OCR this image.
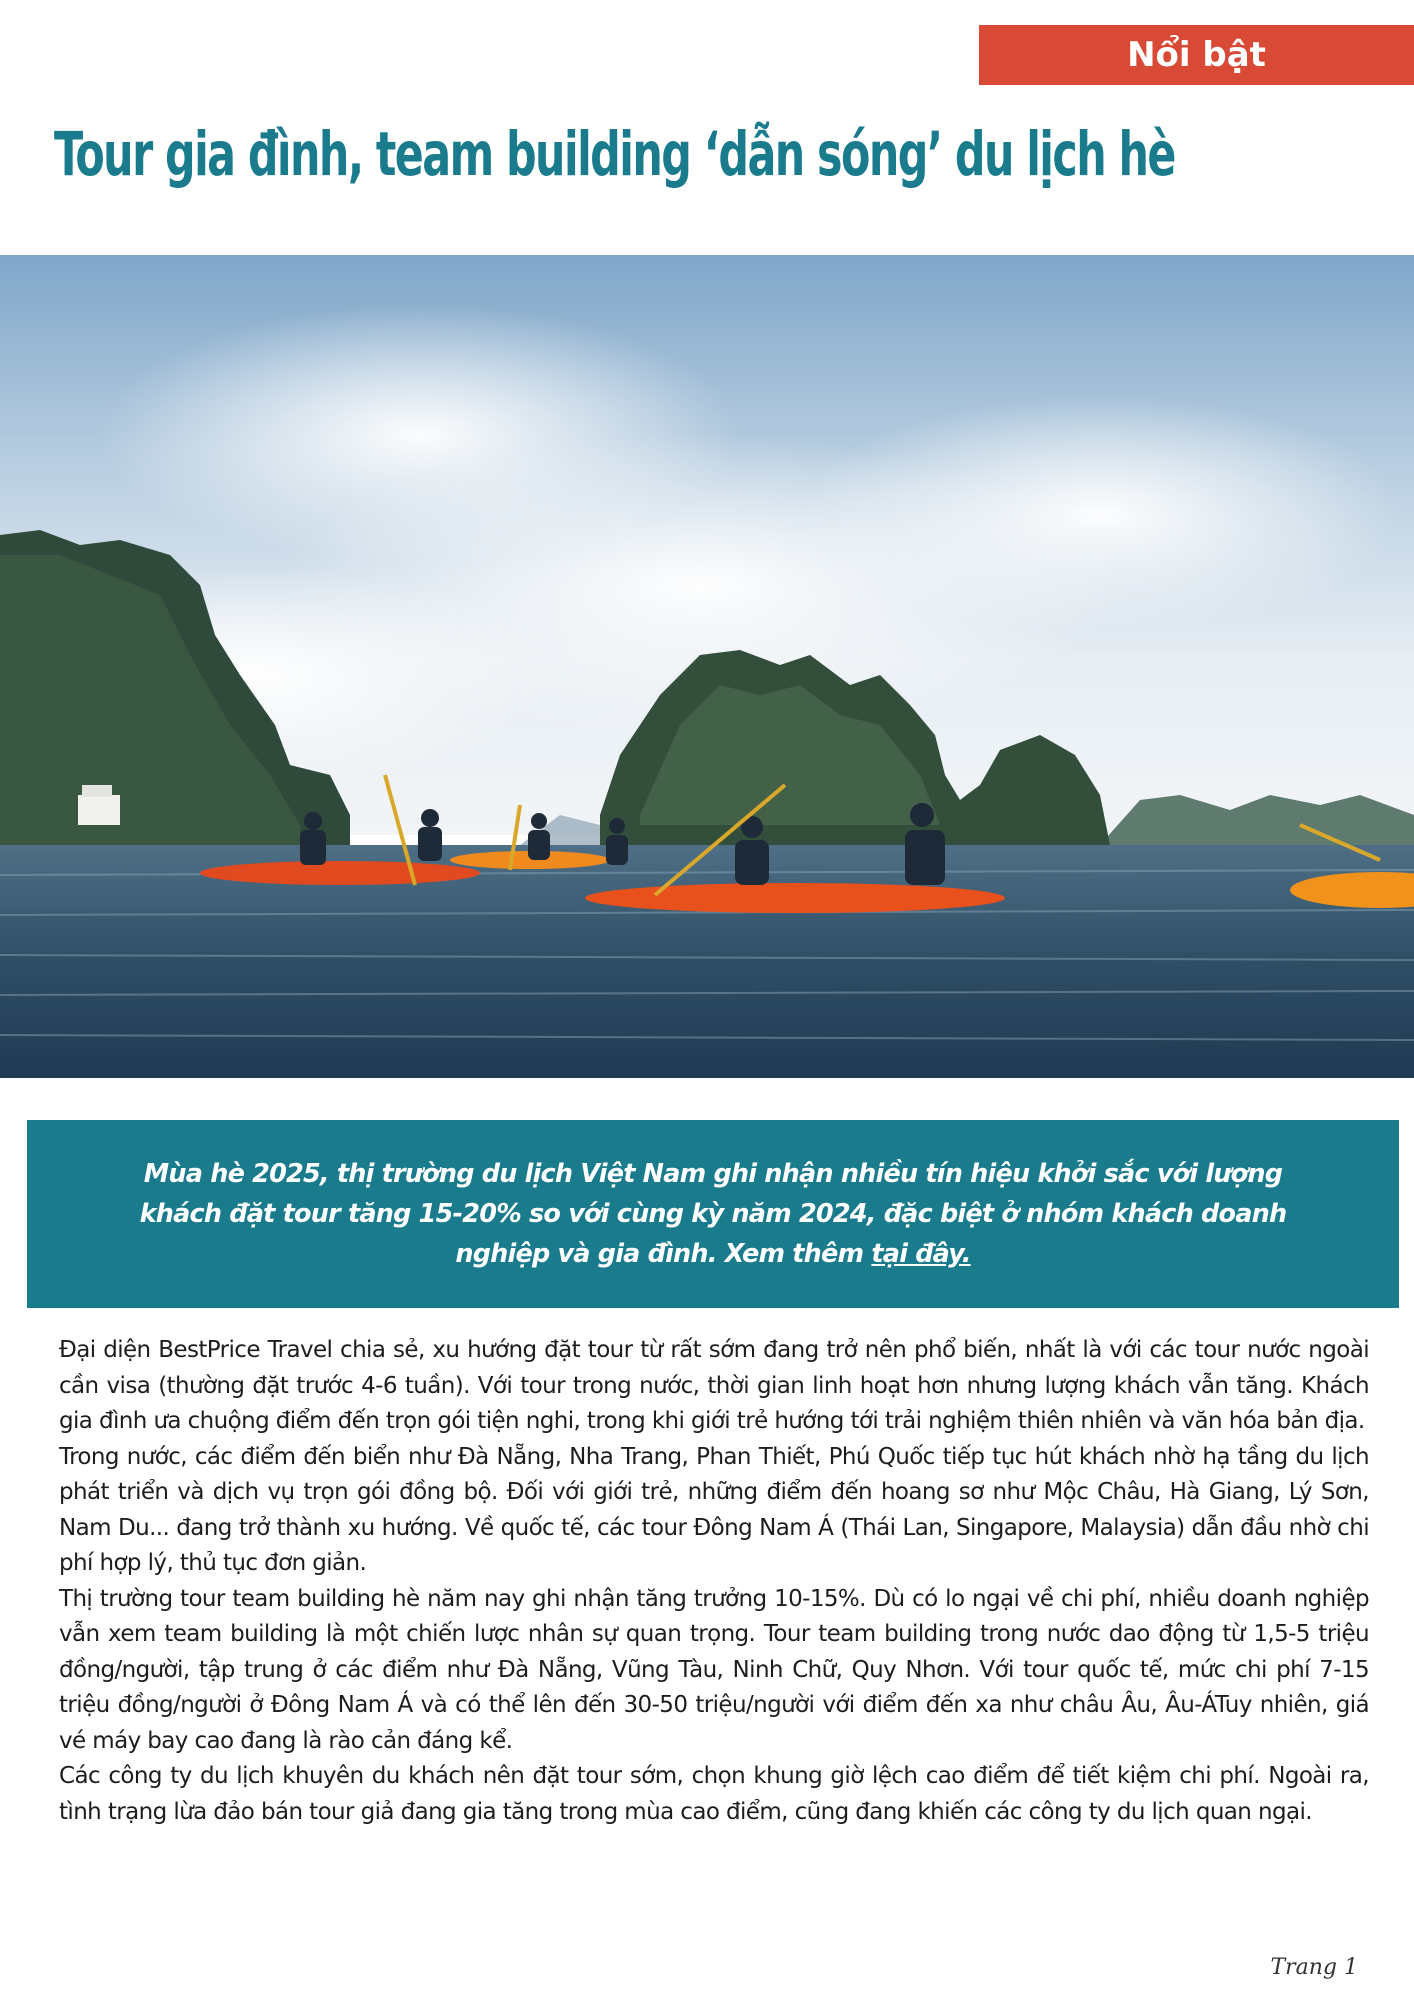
Nổi bật
Tour gia đình, team building ‘dẫn sóng’ du lịch hè
Mùa hè 2025, thị trường du lịch Việt Nam ghi nhận nhiều tín hiệu khởi sắc với lượng khách đặt tour tăng 15-20% so với cùng kỳ năm 2024, đặc biệt ở nhóm khách doanh nghiệp và gia đình. Xem thêm tại đây.

Đại diện BestPrice Travel chia sẻ, xu hướng đặt tour từ rất sớm đang trở nên phổ biến, nhất là với các tour nước ngoài cần visa (thường đặt trước 4-6 tuần). Với tour trong nước, thời gian linh hoạt hơn nhưng lượng khách vẫn tăng. Khách gia đình ưa chuộng điểm đến trọn gói tiện nghi, trong khi giới trẻ hướng tới trải nghiệm thiên nhiên và văn hóa bản địa.

Trong nước, các điểm đến biển như Đà Nẵng, Nha Trang, Phan Thiết, Phú Quốc tiếp tục hút khách nhờ hạ tầng du lịch phát triển và dịch vụ trọn gói đồng bộ. Đối với giới trẻ, những điểm đến hoang sơ như Mộc Châu, Hà Giang, Lý Sơn, Nam Du... đang trở thành xu hướng. Về quốc tế, các tour Đông Nam Á (Thái Lan, Singapore, Malaysia) dẫn đầu nhờ chi phí hợp lý, thủ tục đơn giản.

Thị trường tour team building hè năm nay ghi nhận tăng trưởng 10-15%. Dù có lo ngại về chi phí, nhiều doanh nghiệp vẫn xem team building là một chiến lược nhân sự quan trọng. Tour team building trong nước dao động từ 1,5-5 triệu đồng/người, tập trung ở các điểm như Đà Nẵng, Vũng Tàu, Ninh Chữ, Quy Nhơn. Với tour quốc tế, mức chi phí 7-15 triệu đồng/người ở Đông Nam Á và có thể lên đến 30-50 triệu/người với điểm đến xa như châu Âu, Âu-ÁTuy nhiên, giá vé máy bay cao đang là rào cản đáng kể.

Các công ty du lịch khuyên du khách nên đặt tour sớm, chọn khung giờ lệch cao điểm để tiết kiệm chi phí. Ngoài ra, tình trạng lừa đảo bán tour giả đang gia tăng trong mùa cao điểm, cũng đang khiến các công ty du lịch quan ngại.

Trang 1
